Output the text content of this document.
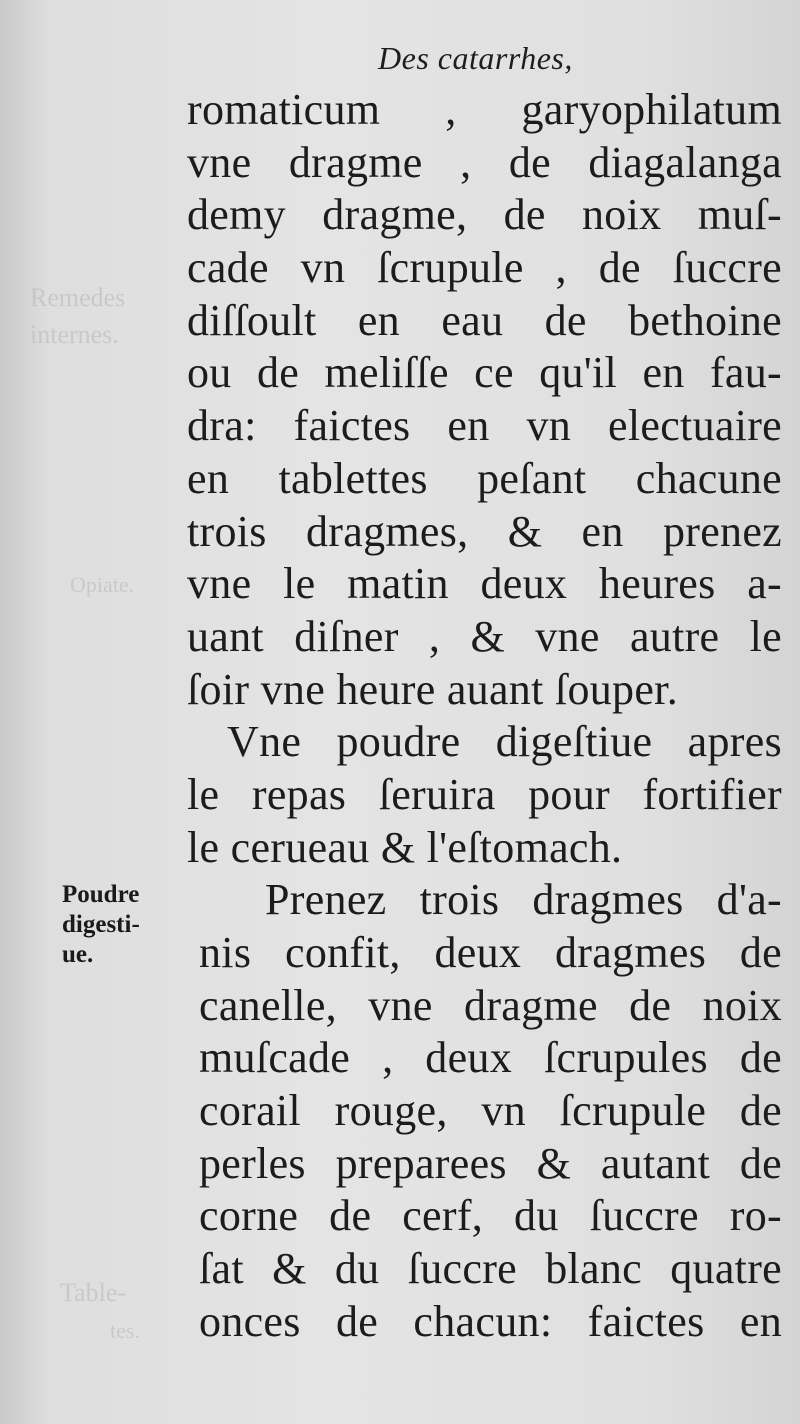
Remedes
internes.
Opiate.
Table-
tes.
Des catarrhes,
romaticum , garyophilatum
vne dragme , de diagalanga
demy dragme, de noix muſ-
cade vn ſcrupule , de ſuccre
diſſoult en eau de bethoine
ou de meliſſe ce qu'il en fau-
dra: faictes en vn electuaire
en tablettes peſant chacune
trois dragmes, & en prenez
vne le matin deux heures a-
uant diſner , & vne autre le
ſoir vne heure auant ſouper.
Vne poudre digeſtiue apres
le repas ſeruira pour fortifier
le cerueau & l'eſtomach.
Prenez trois dragmes d'a-
nis confit, deux dragmes de
canelle, vne dragme de noix
muſcade , deux ſcrupules de
corail rouge, vn ſcrupule de
perles preparees & autant de
corne de cerf, du ſuccre ro-
ſat & du ſuccre blanc quatre
onces de chacun: faictes en
Poudre
digesti-
ue.
